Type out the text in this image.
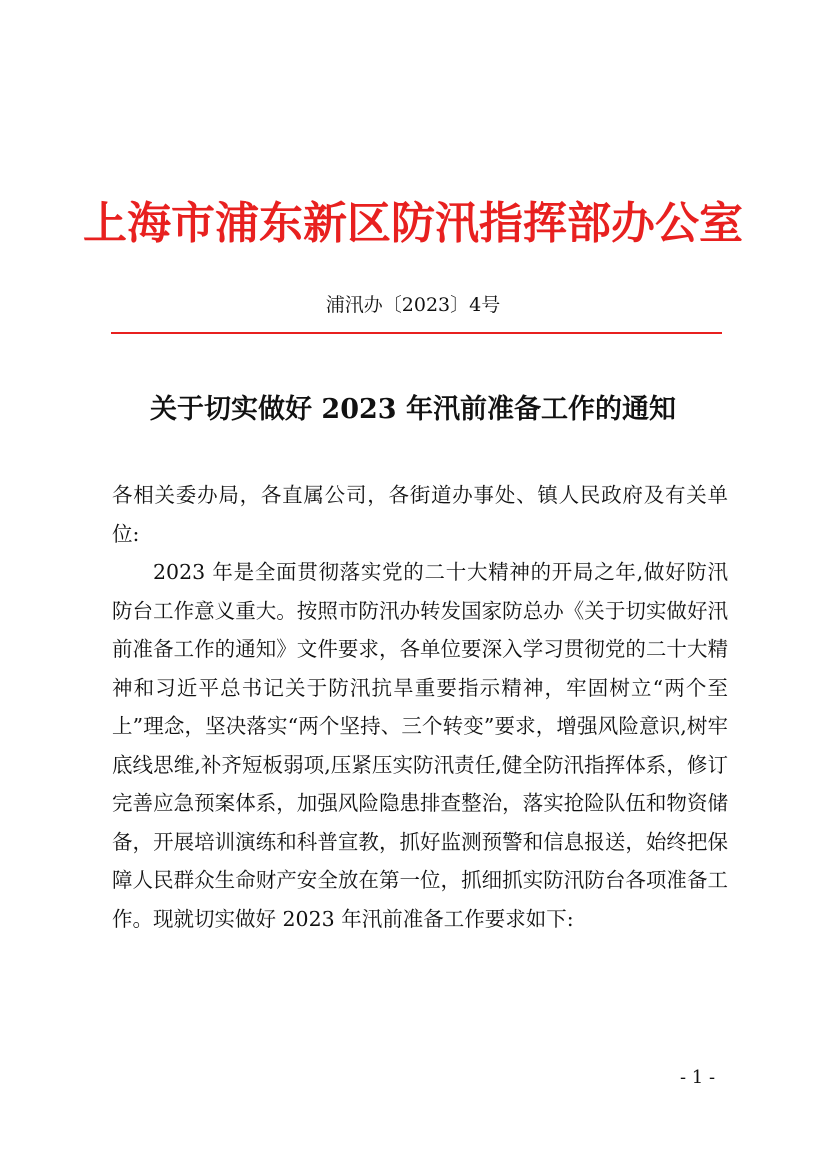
上海市浦东新区防汛指挥部办公室
浦汛办〔2023〕4号
关于切实做好 2023 年汛前准备工作的通知

各相关委办局，各直属公司，各街道办事处、镇人民政府及有关单位:

2023 年是全面贯彻落实党的二十大精神的开局之年,做好防汛防台工作意义重大。按照市防汛办转发国家防总办《关于切实做好汛前准备工作的通知》文件要求，各单位要深入学习贯彻党的二十大精神和习近平总书记关于防汛抗旱重要指示精神，牢固树立“两个至上”理念，坚决落实“两个坚持、三个转变”要求，增强风险意识,树牢底线思维,补齐短板弱项,压紧压实防汛责任,健全防汛指挥体系，修订完善应急预案体系，加强风险隐患排查整治，落实抢险队伍和物资储备，开展培训演练和科普宣教，抓好监测预警和信息报送，始终把保障人民群众生命财产安全放在第一位，抓细抓实防汛防台各项准备工作。现就切实做好 2023 年汛前准备工作要求如下:

- 1 -
